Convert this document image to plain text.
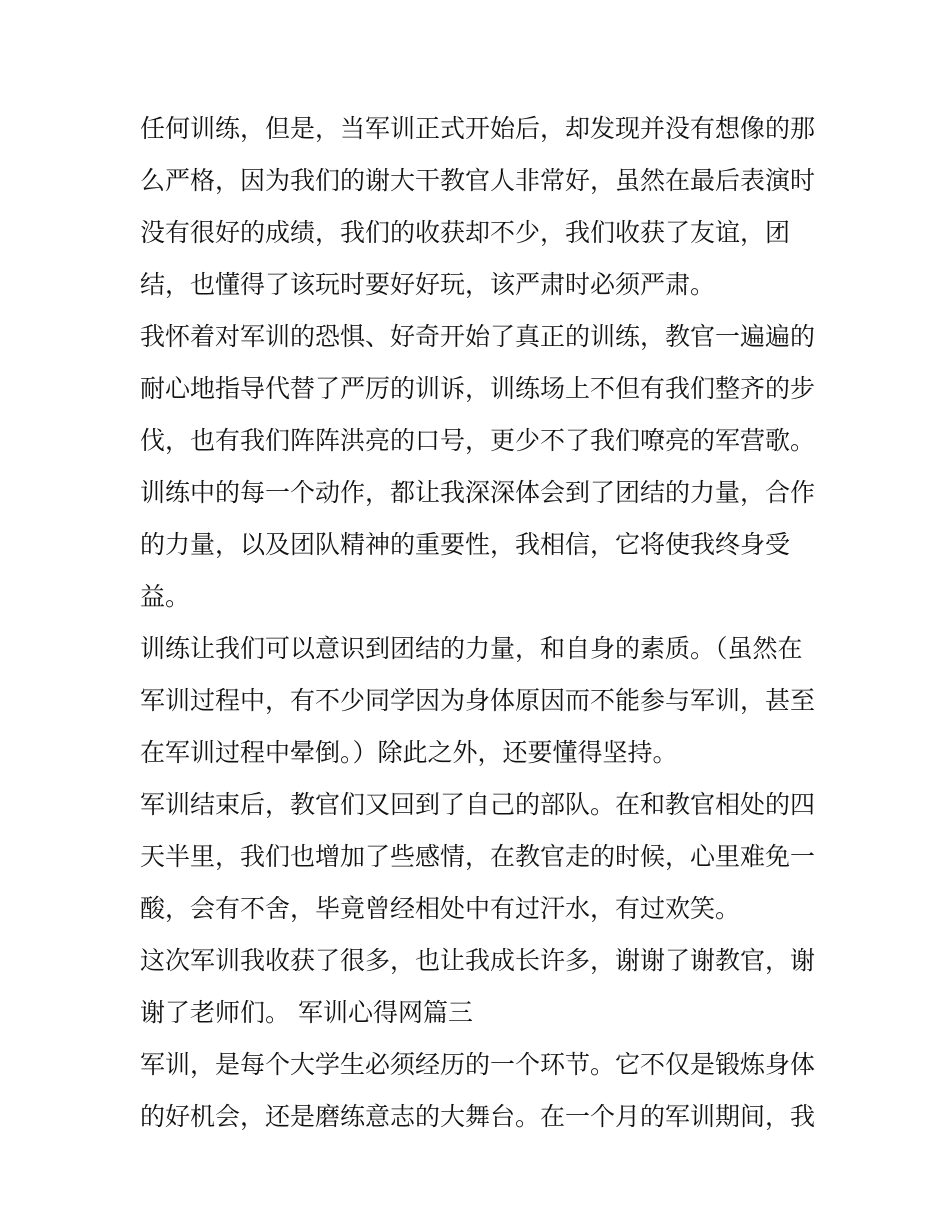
任何训练，但是，当军训正式开始后，却发现并没有想像的那
么严格，因为我们的谢大干教官人非常好，虽然在最后表演时
没有很好的成绩，我们的收获却不少，我们收获了友谊，团
结，也懂得了该玩时要好好玩，该严肃时必须严肃。
我怀着对军训的恐惧、好奇开始了真正的训练，教官一遍遍的
耐心地指导代替了严厉的训诉，训练场上不但有我们整齐的步
伐，也有我们阵阵洪亮的口号，更少不了我们嘹亮的军营歌。
训练中的每一个动作，都让我深深体会到了团结的力量，合作
的力量，以及团队精神的重要性，我相信，它将使我终身受
益。
训练让我们可以意识到团结的力量，和自身的素质。（虽然在
军训过程中，有不少同学因为身体原因而不能参与军训，甚至
在军训过程中晕倒。）除此之外，还要懂得坚持。
军训结束后，教官们又回到了自己的部队。在和教官相处的四
天半里，我们也增加了些感情，在教官走的时候，心里难免一
酸，会有不舍，毕竟曾经相处中有过汗水，有过欢笑。
这次军训我收获了很多，也让我成长许多，谢谢了谢教官，谢
谢了老师们。 军训心得网篇三
军训，是每个大学生必须经历的一个环节。它不仅是锻炼身体
的好机会，还是磨练意志的大舞台。在一个月的军训期间，我
